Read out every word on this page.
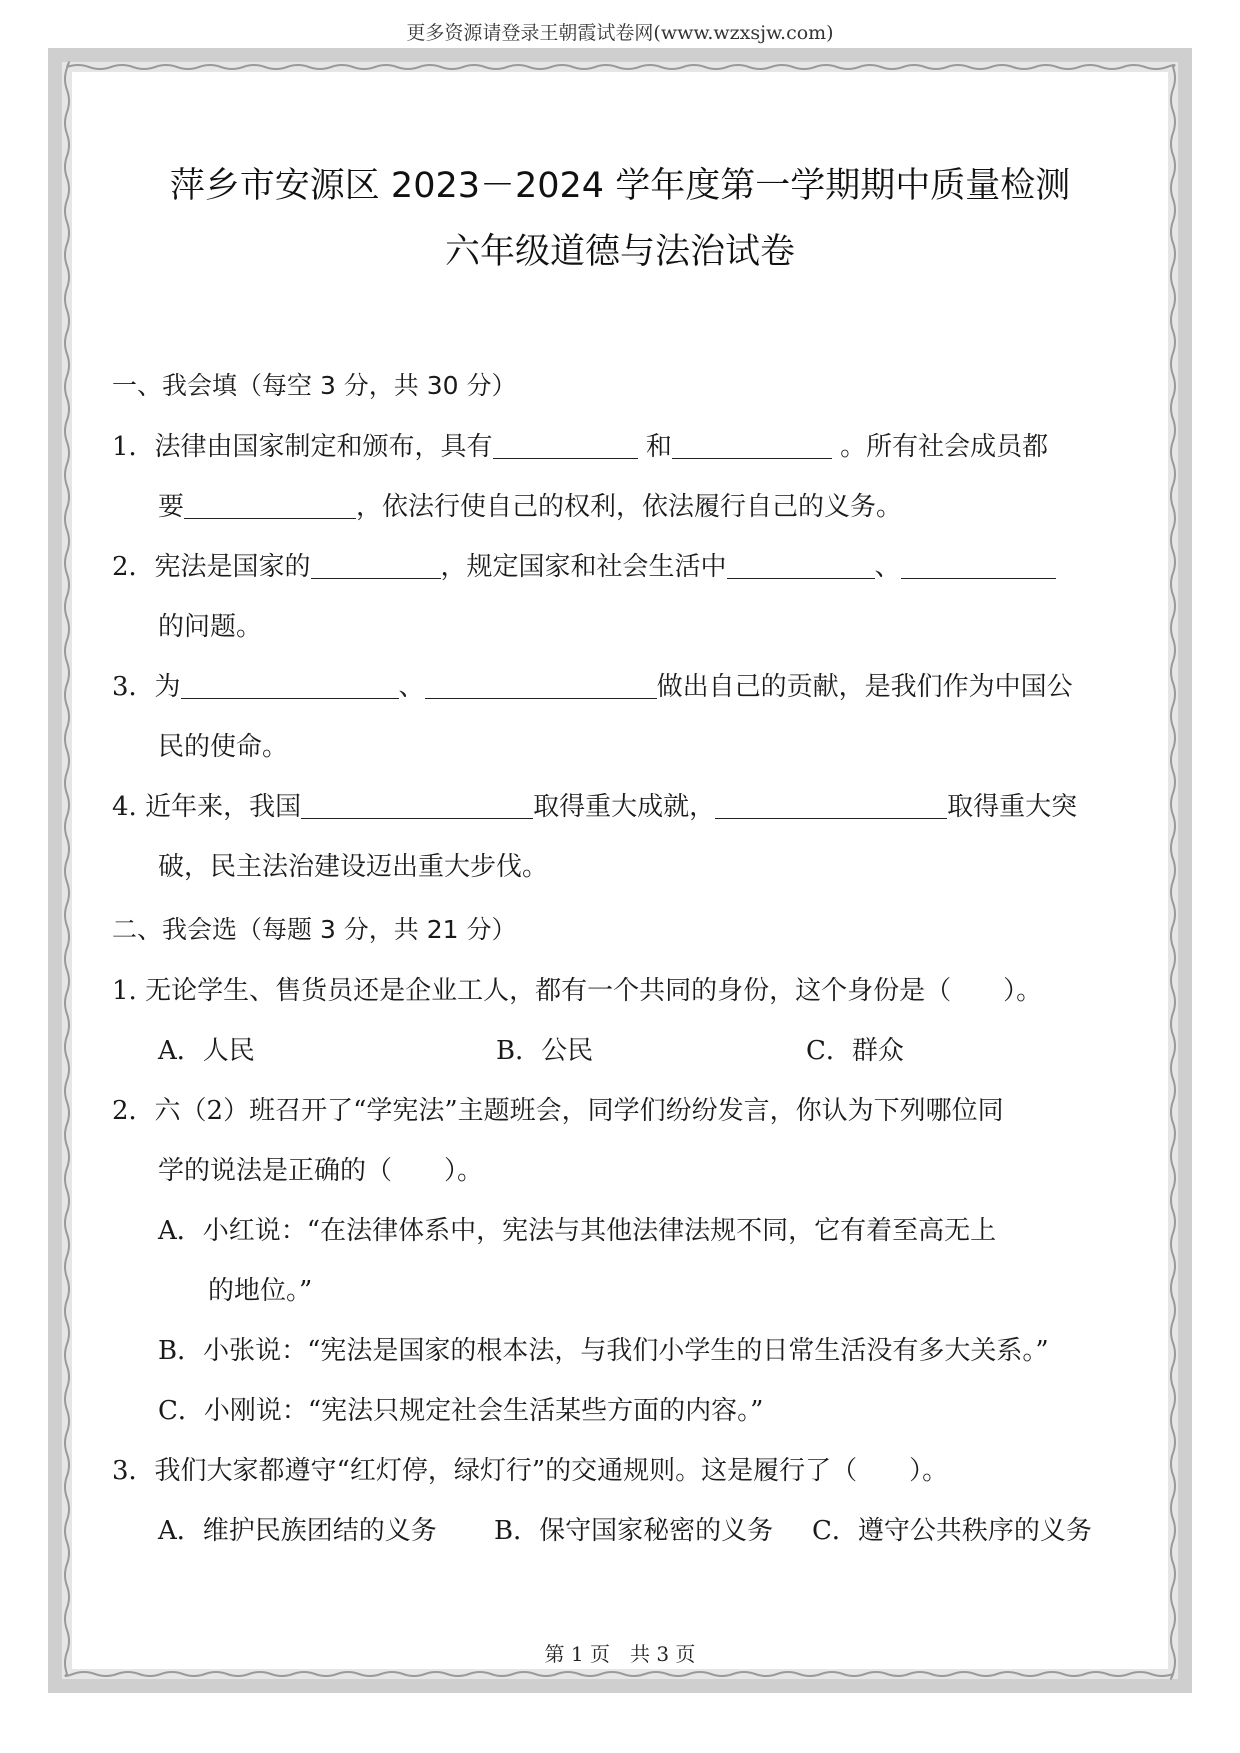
更多资源请登录王朝霞试卷网(www.wzxsjw.com)
萍乡市安源区 2023－2024 学年度第一学期期中质量检测
六年级道德与法治试卷
一、我会填（每空 3 分，共 30 分）
1．法律由国家制定和颁布，具有	和	。所有社会成员都
要	，依法行使自己的权利，依法履行自己的义务。
2．宪法是国家的	，规定国家和社会生活中	、
的问题。
3．为	、	做出自己的贡献，是我们作为中国公
民的使命。
4. 近年来，我国	取得重大成就，	取得重大突
破，民主法治建设迈出重大步伐。
二、我会选（每题 3 分，共 21 分）
1. 无论学生、售货员还是企业工人，都有一个共同的身份，这个身份是（　　）。
A．人民	B．公民	C．群众
2．六（2）班召开了“学宪法”主题班会，同学们纷纷发言，你认为下列哪位同
学的说法是正确的（　　）。
A．小红说：“在法律体系中，宪法与其他法律法规不同，它有着至高无上
的地位。”
B．小张说：“宪法是国家的根本法，与我们小学生的日常生活没有多大关系。”
C．小刚说：“宪法只规定社会生活某些方面的内容。”
3．我们大家都遵守“红灯停，绿灯行”的交通规则。这是履行了（　　）。
A．维护民族团结的义务 B．保守国家秘密的义务 C．遵守公共秩序的义务
第 1 页　共 3 页
